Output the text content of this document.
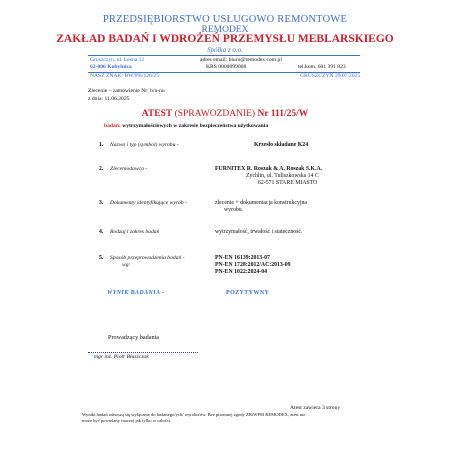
PRZEDSIĘBIORSTWO USŁUGOWO REMONTOWE
REMODEX
ZAKŁAD BADAŃ I WDROŻEŃ PRZEMYSŁU MEBLARSKIEGO
Spółka z o.o.
Gruszczyn, ul. Leśna 12
62-006 Kobylnica
adres email: biuro@remodex.com.pl
KRS 0000099068	tel.kom. 601 391 823
NASZ ZNAK: BW/PB/126/25	GRUSZCZYN 29.07.2025
Zlecenie – zamówienie Nr: b/n-nu
z dnia: 11.06.2025
ATEST (SPRAWOZDANIE) Nr 111/25/W
badań: wytrzymałościowych w zakresie bezpieczeństwa użytkowania
1. Nazwa i typ (symbol) wyrobu -	Krzesło składane K24
2. Zleceniodawca -	FURNITEX R. Roszak & A. Roszak S.K.A.
Zychlin, ul. Tuliszkowska 14 C
62-571 STARE MIASTO
3. Dokumenty identyfikujące wyrób -	zlecenie + dokumentacja konstrukcyjna
wyrobu.
4. Rodzaj i zakres badań	wytrzymałość, trwałość i stateczność.
5. Sposób przeprowadzenia badań -
wg:
PN-EN 16139:2013-07
PN-EN 1728:2012/AC:2013-09
PN-EN 1022:2024-04
WYNIK BADANIA -	POZYTYWNY
Prowadzący badania
mgr inż. Piotr Błaszczak
Atest zawiera 3 strony
Wyniki badań odnoszą się wyłącznie do badanego/ych/ wyrobu/ów. Bez pisemnej zgody ZBiWPM REMODEX, atest nie
może być powielany inaczej jak tylko w całości.
